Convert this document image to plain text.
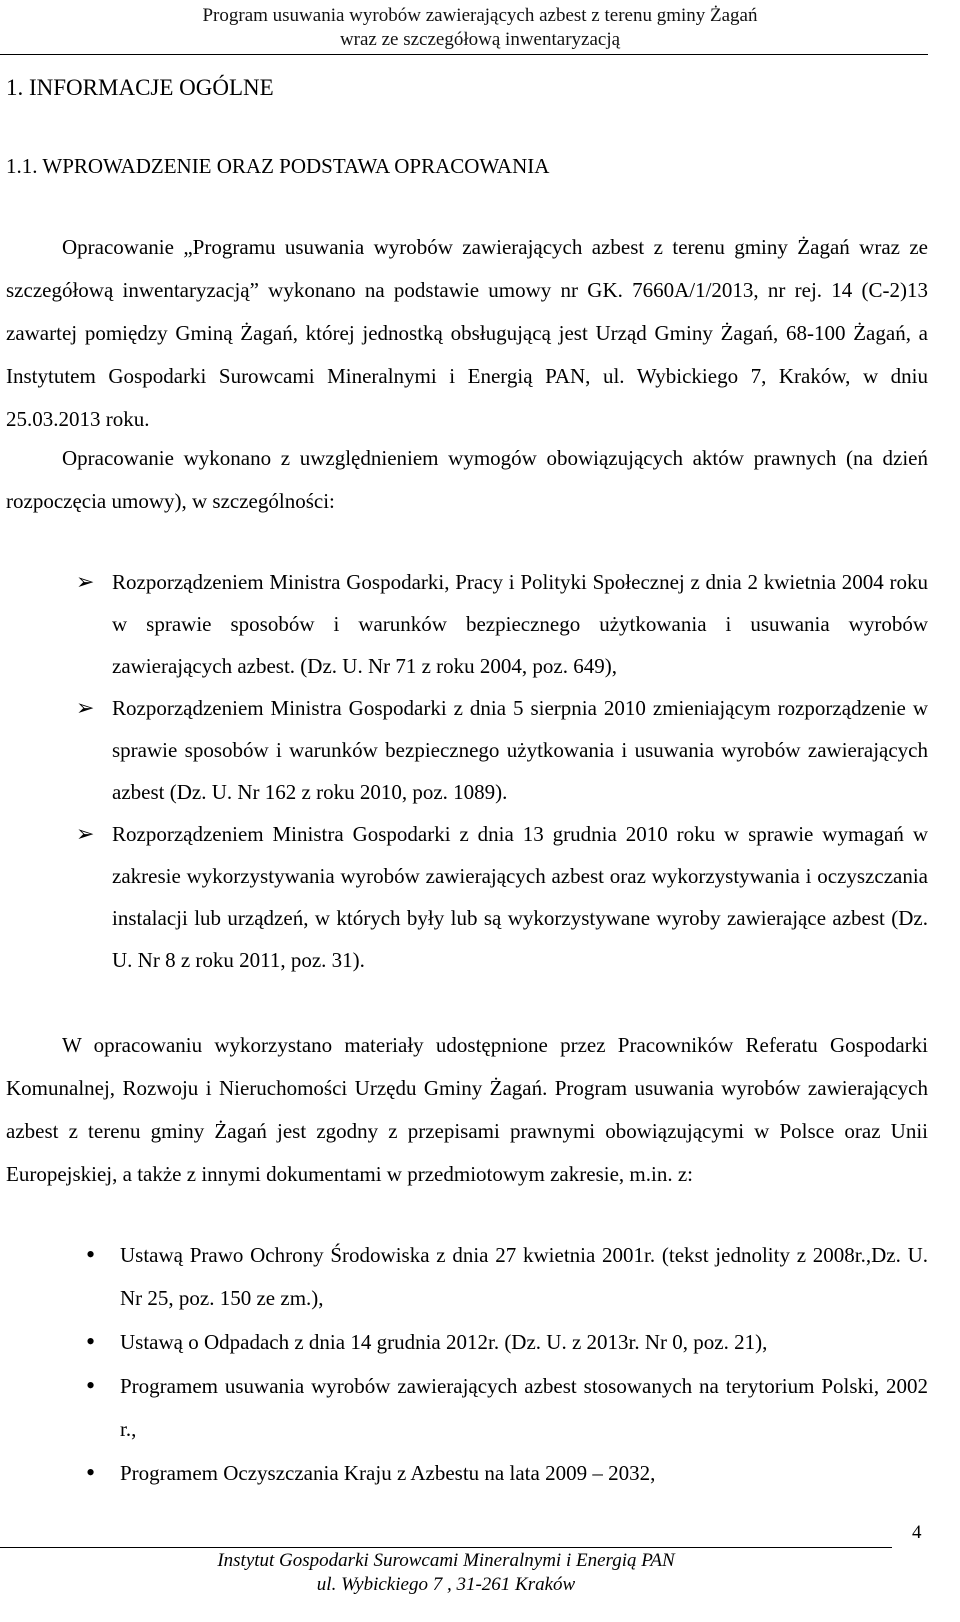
Program usuwania wyrobów zawierających azbest z terenu gminy Żagań
wraz ze szczegółową inwentaryzacją
1. INFORMACJE OGÓLNE
1.1. WPROWADZENIE ORAZ PODSTAWA OPRACOWANIA

Opracowanie „Programu usuwania wyrobów zawierających azbest z terenu gminy Żagań wraz ze szczegółową inwentaryzacją” wykonano na podstawie umowy nr GK. 7660A/1/2013, nr rej. 14 (C-2)13 zawartej pomiędzy Gminą Żagań, której jednostką obsługującą jest Urząd Gminy Żagań, 68-100 Żagań, a Instytutem Gospodarki Surowcami Mineralnymi i Energią PAN, ul. Wybickiego 7, Kraków, w dniu 25.03.2013 roku.

Opracowanie wykonano z uwzględnieniem wymogów obowiązujących aktów prawnych (na dzień rozpoczęcia umowy), w szczególności:

➢ Rozporządzeniem Ministra Gospodarki, Pracy i Polityki Społecznej z dnia 2 kwietnia 2004 roku w sprawie sposobów i warunków bezpiecznego użytkowania i usuwania wyrobów zawierających azbest. (Dz. U. Nr 71 z roku 2004, poz. 649),
➢ Rozporządzeniem Ministra Gospodarki z dnia 5 sierpnia 2010 zmieniającym rozporządzenie w sprawie sposobów i warunków bezpiecznego użytkowania i usuwania wyrobów zawierających azbest (Dz. U. Nr 162 z roku 2010, poz. 1089).
➢ Rozporządzeniem Ministra Gospodarki z dnia 13 grudnia 2010 roku w sprawie wymagań w zakresie wykorzystywania wyrobów zawierających azbest oraz wykorzystywania i oczyszczania instalacji lub urządzeń, w których były lub są wykorzystywane wyroby zawierające azbest (Dz. U. Nr 8 z roku 2011, poz. 31).

W opracowaniu wykorzystano materiały udostępnione przez Pracowników Referatu Gospodarki Komunalnej, Rozwoju i Nieruchomości Urzędu Gminy Żagań. Program usuwania wyrobów zawierających azbest z terenu gminy Żagań jest zgodny z przepisami prawnymi obowiązującymi w Polsce oraz Unii Europejskiej, a także z innymi dokumentami w przedmiotowym zakresie, m.in. z:

• Ustawą Prawo Ochrony Środowiska z dnia 27 kwietnia 2001r. (tekst jednolity z 2008r.,Dz. U. Nr 25, poz. 150 ze zm.),
• Ustawą o Odpadach z dnia 14 grudnia 2012r. (Dz. U. z 2013r. Nr 0, poz. 21),
• Programem usuwania wyrobów zawierających azbest stosowanych na terytorium Polski, 2002 r.,
• Programem Oczyszczania Kraju z Azbestu na lata 2009 – 2032,
Instytut Gospodarki Surowcami Mineralnymi i Energią PAN
ul. Wybickiego 7 , 31-261 Kraków
4
